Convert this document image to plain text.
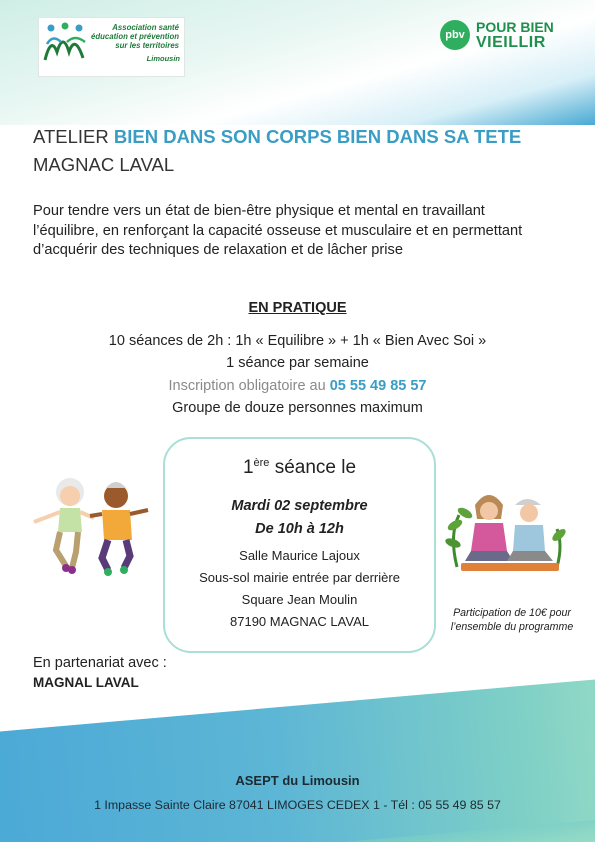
Association santé
éducation et prévention
sur les territoires
Limousin
pbv POUR BIEN
VIEILLIR
ATELIER BIEN DANS SON CORPS BIEN DANS SA TETE
MAGNAC LAVAL
Pour tendre vers un état de bien-être physique et mental en travaillant l’équilibre, en renforçant la capacité osseuse et musculaire et en permettant d’acquérir des techniques de relaxation et de lâcher prise
EN PRATIQUE
10 séances de 2h : 1h « Equilibre » + 1h « Bien Avec Soi »
1 séance par semaine
Inscription obligatoire au 05 55 49 85 57
Groupe de douze personnes maximum
1ère séance le
Mardi 02 septembre
De 10h à 12h
Salle Maurice Lajoux
Sous-sol mairie entrée par derrière
Square Jean Moulin
87190 MAGNAC LAVAL
Participation de 10€ pour l’ensemble du programme
En partenariat avec :
MAGNAL LAVAL
ASEPT du Limousin
1 Impasse Sainte Claire 87041 LIMOGES CEDEX 1 - Tél : 05 55 49 85 57
